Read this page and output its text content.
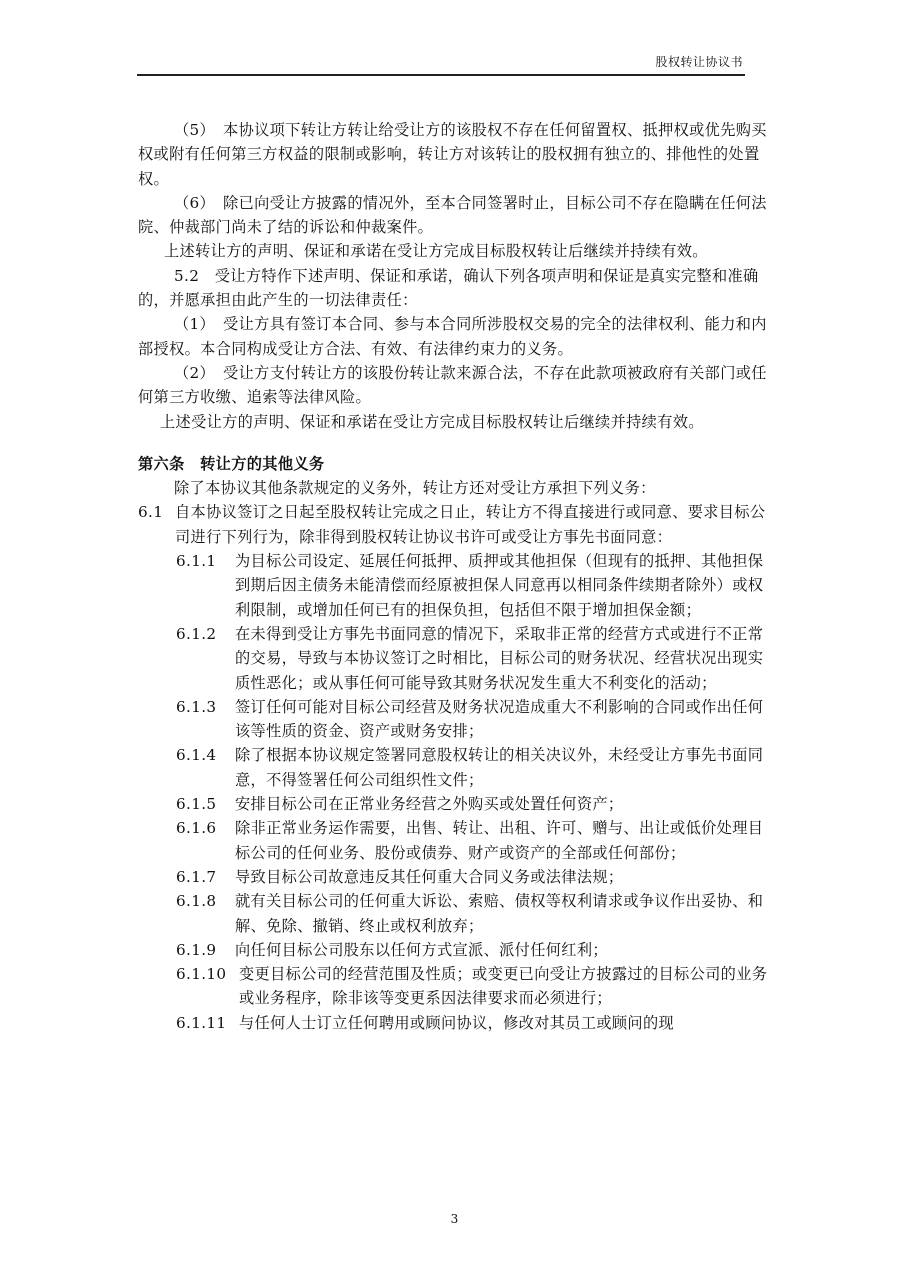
股权转让协议书
（5）　本协议项下转让方转让给受让方的该股权不存在任何留置权、抵押权或优先购买权或附有任何第三方权益的限制或影响，转让方对该转让的股权拥有独立的、排他性的处置权。
（6）　除已向受让方披露的情况外，至本合同签署时止，目标公司不存在隐瞒在任何法院、仲裁部门尚未了结的诉讼和仲裁案件。
上述转让方的声明、保证和承诺在受让方完成目标股权转让后继续并持续有效。
5.2　受让方特作下述声明、保证和承诺，确认下列各项声明和保证是真实完整和准确的，并愿承担由此产生的一切法律责任：
（1）　受让方具有签订本合同、参与本合同所涉股权交易的完全的法律权利、能力和内部授权。本合同构成受让方合法、有效、有法律约束力的义务。
（2）　受让方支付转让方的该股份转让款来源合法，不存在此款项被政府有关部门或任何第三方收缴、追索等法律风险。
上述受让方的声明、保证和承诺在受让方完成目标股权转让后继续并持续有效。
第六条　转让方的其他义务
除了本协议其他条款规定的义务外，转让方还对受让方承担下列义务：
6.1 自本协议签订之日起至股权转让完成之日止，转让方不得直接进行或同意、要求目标公司进行下列行为，除非得到股权转让协议书许可或受让方事先书面同意：
6.1.1 为目标公司设定、延展任何抵押、质押或其他担保（但现有的抵押、其他担保到期后因主债务未能清偿而经原被担保人同意再以相同条件续期者除外）或权利限制，或增加任何已有的担保负担，包括但不限于增加担保金额；
6.1.2 在未得到受让方事先书面同意的情况下，采取非正常的经营方式或进行不正常的交易，导致与本协议签订之时相比，目标公司的财务状况、经营状况出现实质性恶化；或从事任何可能导致其财务状况发生重大不利变化的活动；
6.1.3 签订任何可能对目标公司经营及财务状况造成重大不利影响的合同或作出任何该等性质的资金、资产或财务安排；
6.1.4 除了根据本协议规定签署同意股权转让的相关决议外，未经受让方事先书面同意，不得签署任何公司组织性文件；
6.1.5 安排目标公司在正常业务经营之外购买或处置任何资产；
6.1.6 除非正常业务运作需要，出售、转让、出租、许可、赠与、出让或低价处理目标公司的任何业务、股份或债券、财产或资产的全部或任何部份；
6.1.7 导致目标公司故意违反其任何重大合同义务或法律法规；
6.1.8 就有关目标公司的任何重大诉讼、索赔、债权等权利请求或争议作出妥协、和解、免除、撤销、终止或权利放弃；
6.1.9 向任何目标公司股东以任何方式宣派、派付任何红利；
6.1.10 变更目标公司的经营范围及性质；或变更已向受让方披露过的目标公司的业务或业务程序，除非该等变更系因法律要求而必须进行；
6.1.11 与任何人士订立任何聘用或顾问协议，修改对其员工或顾问的现
3
